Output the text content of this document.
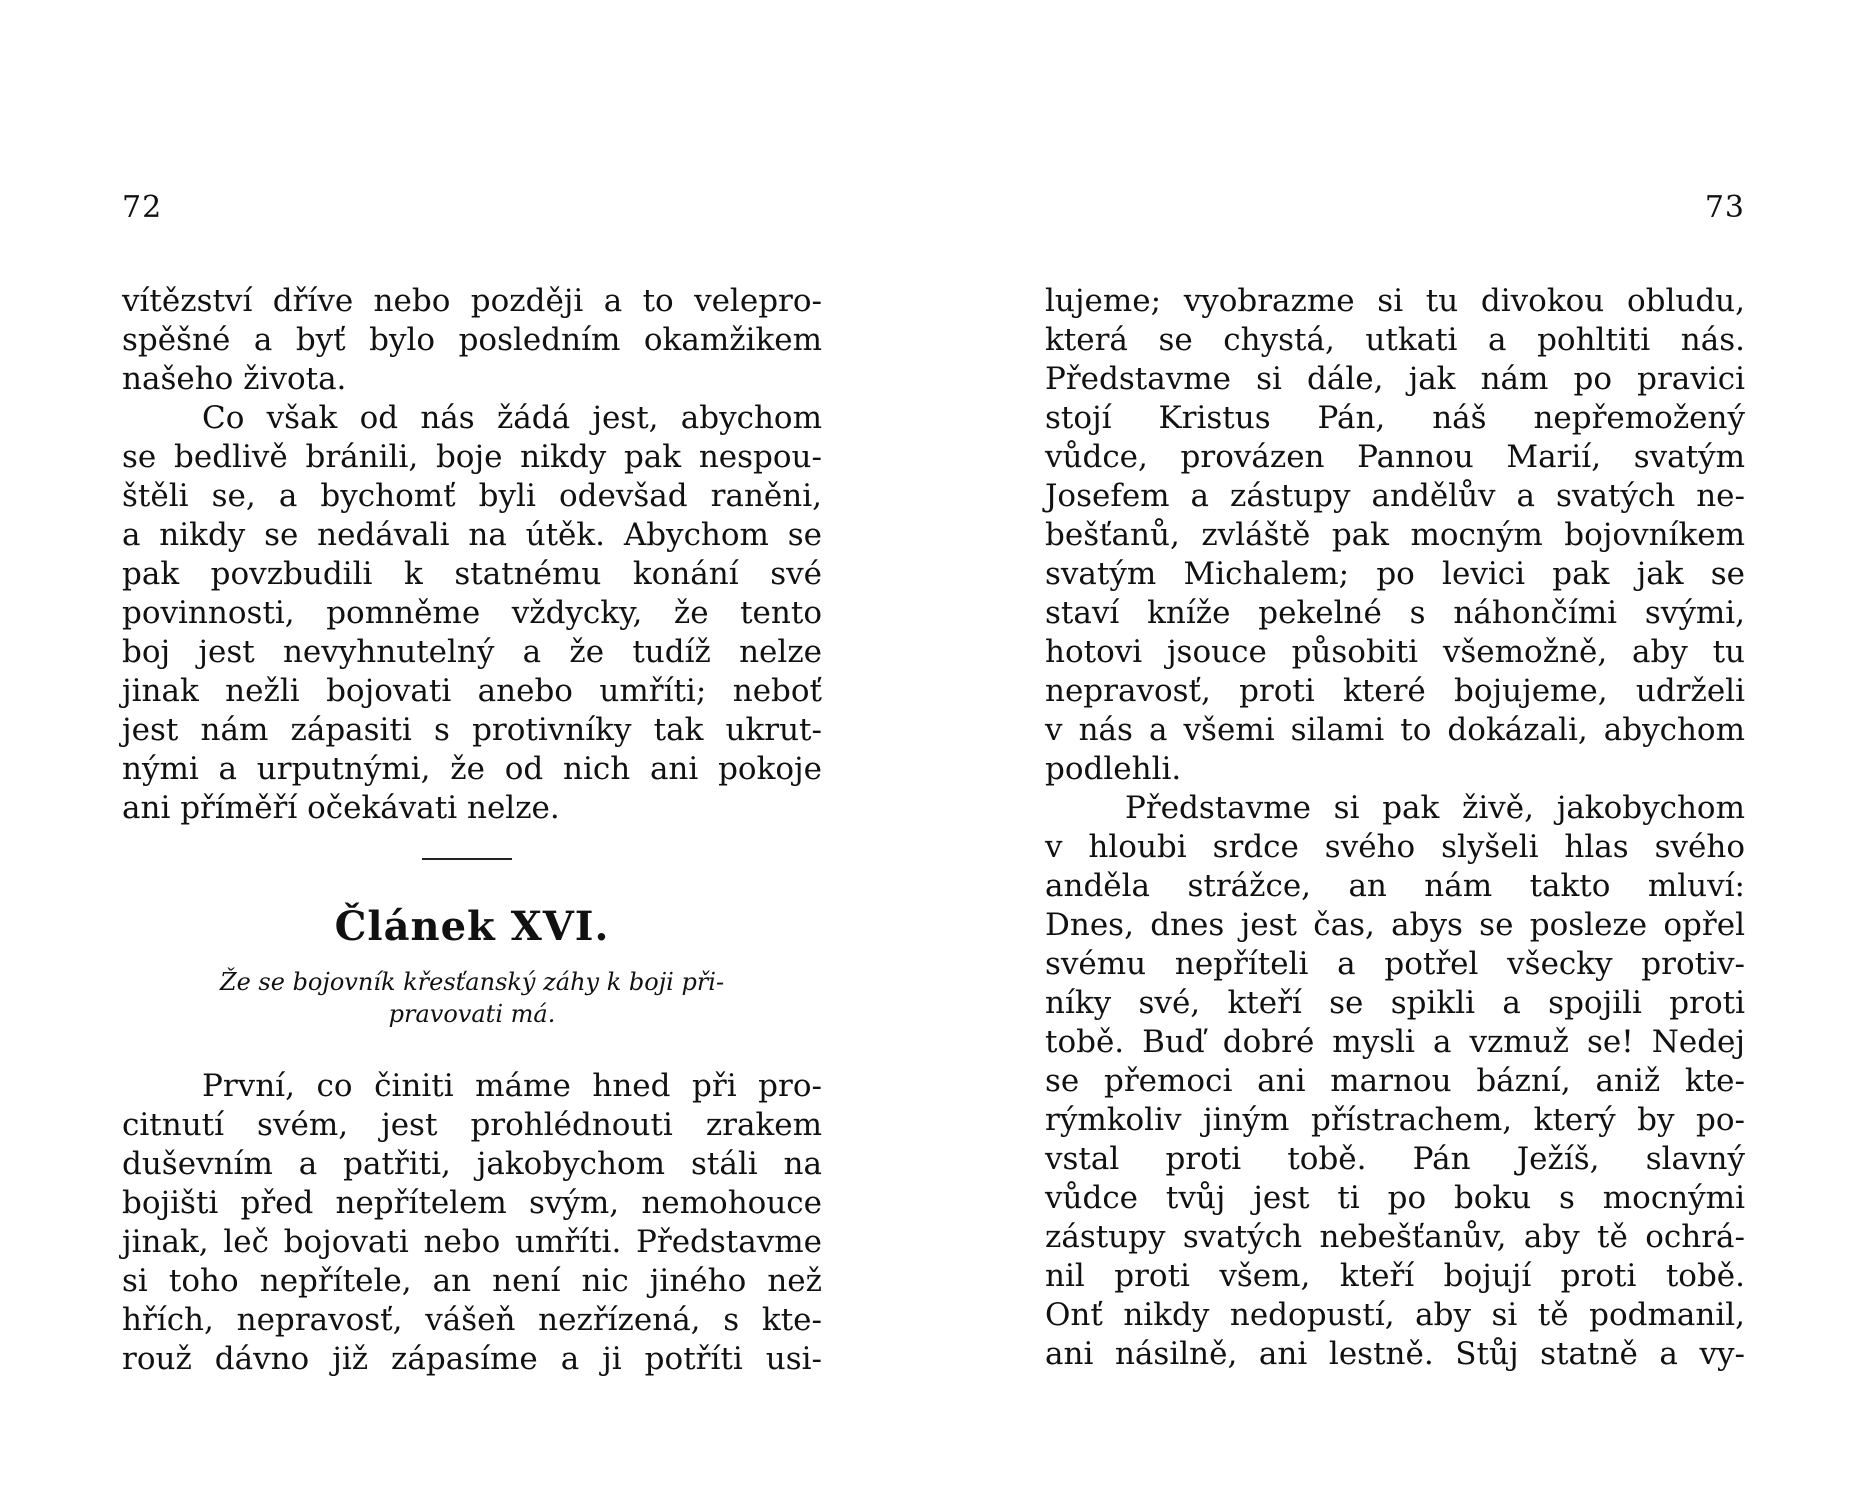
72
vítězství dříve nebo později a to velepro-
spěšné a byť bylo posledním okamžikem
našeho života.
Co však od nás žádá jest, abychom
se bedlivě bránili, boje nikdy pak nespou-
štěli se, a bychomť byli odevšad raněni,
a nikdy se nedávali na útěk. Abychom se
pak povzbudili k statnému konání své
povinnosti, pomněme vždycky, že tento
boj jest nevyhnutelný a že tudíž nelze
jinak nežli bojovati anebo umříti; neboť
jest nám zápasiti s protivníky tak ukrut-
nými a urputnými, že od nich ani pokoje
ani příměří očekávati nelze.
Článek XVI.
Že se bojovník křesťanský záhy k boji při-
pravovati má.
První, co činiti máme hned při pro-
citnutí svém, jest prohlédnouti zrakem
duševním a patřiti, jakobychom stáli na
bojišti před nepřítelem svým, nemohouce
jinak, leč bojovati nebo umříti. Představme
si toho nepřítele, an není nic jiného než
hřích, nepravosť, vášeň nezřízená, s kte-
rouž dávno již zápasíme a ji potříti usi-
73
lujeme; vyobrazme si tu divokou obludu,
která se chystá, utkati a pohltiti nás.
Představme si dále, jak nám po pravici
stojí Kristus Pán, náš nepřemožený
vůdce, provázen Pannou Marií, svatým
Josefem a zástupy andělův a svatých ne-
bešťanů, zvláště pak mocným bojovníkem
svatým Michalem; po levici pak jak se
staví kníže pekelné s náhončími svými,
hotovi jsouce působiti všemožně, aby tu
nepravosť, proti které bojujeme, udrželi
v nás a všemi silami to dokázali, abychom
podlehli.
Představme si pak živě, jakobychom
v hloubi srdce svého slyšeli hlas svého
anděla strážce, an nám takto mluví:
Dnes, dnes jest čas, abys se posleze opřel
svému nepříteli a potřel všecky protiv-
níky své, kteří se spikli a spojili proti
tobě. Buď dobré mysli a vzmuž se! Nedej
se přemoci ani marnou bázní, aniž kte-
rýmkoliv jiným přístrachem, který by po-
vstal proti tobě. Pán Ježíš, slavný
vůdce tvůj jest ti po boku s mocnými
zástupy svatých nebešťanův, aby tě ochrá-
nil proti všem, kteří bojují proti tobě.
Onť nikdy nedopustí, aby si tě podmanil,
ani násilně, ani lestně. Stůj statně a vy-
